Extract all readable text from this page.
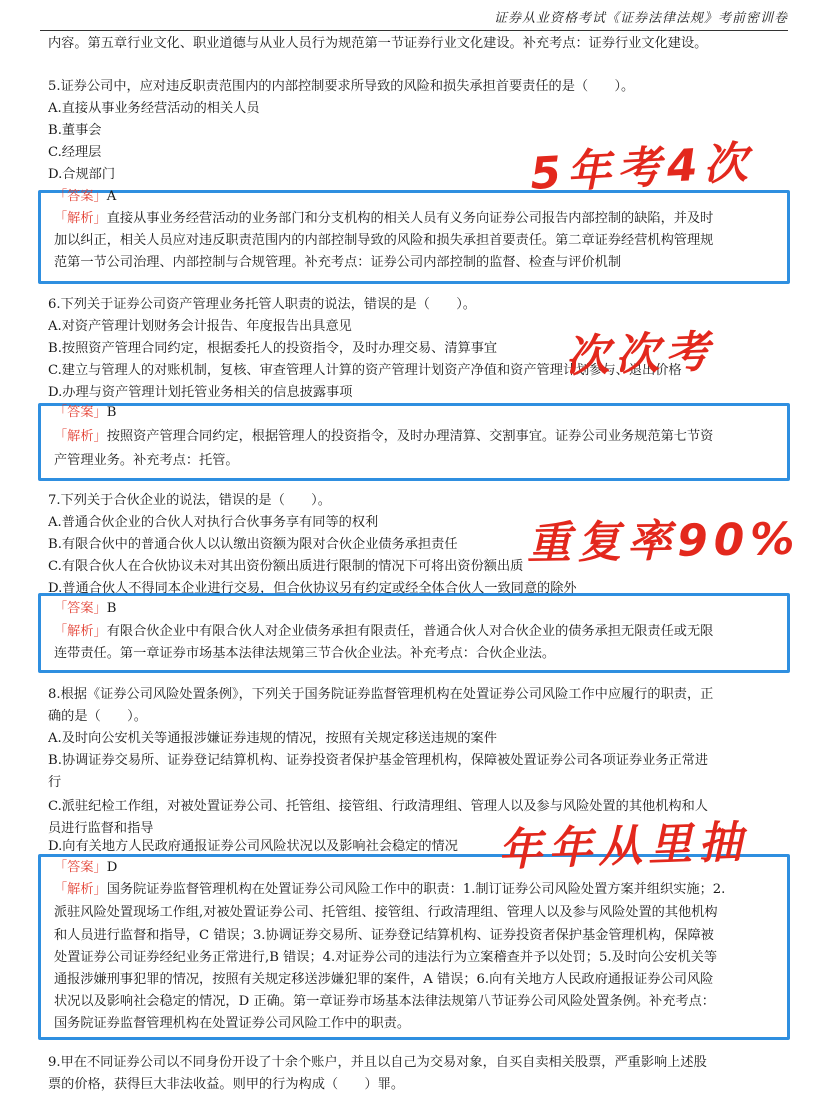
证券从业资格考试《证券法律法规》考前密训卷
内容。第五章行业文化、职业道德与从业人员行为规范第一节证券行业文化建设。补充考点：证券行业文化建设。
5.证券公司中，应对违反职责范围内的内部控制要求所导致的风险和损失承担首要责任的是（　　）。
A.直接从事业务经营活动的相关人员
B.董事会
C.经理层
D.合规部门
「答案」A
「解析」直接从事业务经营活动的业务部门和分支机构的相关人员有义务向证券公司报告内部控制的缺陷，并及时
加以纠正，相关人员应对违反职责范围内的内部控制导致的风险和损失承担首要责任。第二章证券经营机构管理规
范第一节公司治理、内部控制与合规管理。补充考点：证券公司内部控制的监督、检查与评价机制
6.下列关于证券公司资产管理业务托管人职责的说法，错误的是（　　）。
A.对资产管理计划财务会计报告、年度报告出具意见
B.按照资产管理合同约定，根据委托人的投资指令，及时办理交易、清算事宜
C.建立与管理人的对账机制，复核、审查管理人计算的资产管理计划资产净值和资产管理计划参与、退出价格
D.办理与资产管理计划托管业务相关的信息披露事项
「答案」B
「解析」按照资产管理合同约定，根据管理人的投资指令，及时办理清算、交割事宜。证券公司业务规范第七节资
产管理业务。补充考点：托管。
7.下列关于合伙企业的说法，错误的是（　　）。
A.普通合伙企业的合伙人对执行合伙事务享有同等的权利
B.有限合伙中的普通合伙人以认缴出资额为限对合伙企业债务承担责任
C.有限合伙人在合伙协议未对其出资份额出质进行限制的情况下可将出资份额出质
D.普通合伙人不得同本企业进行交易，但合伙协议另有约定或经全体合伙人一致同意的除外
「答案」B
「解析」有限合伙企业中有限合伙人对企业债务承担有限责任，普通合伙人对合伙企业的债务承担无限责任或无限
连带责任。第一章证券市场基本法律法规第三节合伙企业法。补充考点：合伙企业法。
8.根据《证券公司风险处置条例》，下列关于国务院证券监督管理机构在处置证券公司风险工作中应履行的职责，正
确的是（　　）。
A.及时向公安机关等通报涉嫌证券违规的情况，按照有关规定移送违规的案件
B.协调证券交易所、证券登记结算机构、证券投资者保护基金管理机构，保障被处置证券公司各项证券业务正常进
行
C.派驻纪检工作组，对被处置证券公司、托管组、接管组、行政清理组、管理人以及参与风险处置的其他机构和人
员进行监督和指导
D.向有关地方人民政府通报证券公司风险状况以及影响社会稳定的情况
「答案」D
「解析」国务院证券监督管理机构在处置证券公司风险工作中的职责：1.制订证券公司风险处置方案并组织实施；2.
派驻风险处置现场工作组,对被处置证券公司、托管组、接管组、行政清理组、管理人以及参与风险处置的其他机构
和人员进行监督和指导，C 错误；3.协调证券交易所、证券登记结算机构、证券投资者保护基金管理机构，保障被
处置证券公司证券经纪业务正常进行,B 错误；4.对证券公司的违法行为立案稽查并予以处罚；5.及时向公安机关等
通报涉嫌刑事犯罪的情况，按照有关规定移送涉嫌犯罪的案件，A 错误；6.向有关地方人民政府通报证券公司风险
状况以及影响社会稳定的情况，D 正确。第一章证券市场基本法律法规第八节证券公司风险处置条例。补充考点：
国务院证券监督管理机构在处置证券公司风险工作中的职责。
9.甲在不同证券公司以不同身份开设了十余个账户，并且以自己为交易对象，自买自卖相关股票，严重影响上述股
票的价格，获得巨大非法收益。则甲的行为构成（　　）罪。
5年考4次
次次考
重复率90%
年年从里抽
